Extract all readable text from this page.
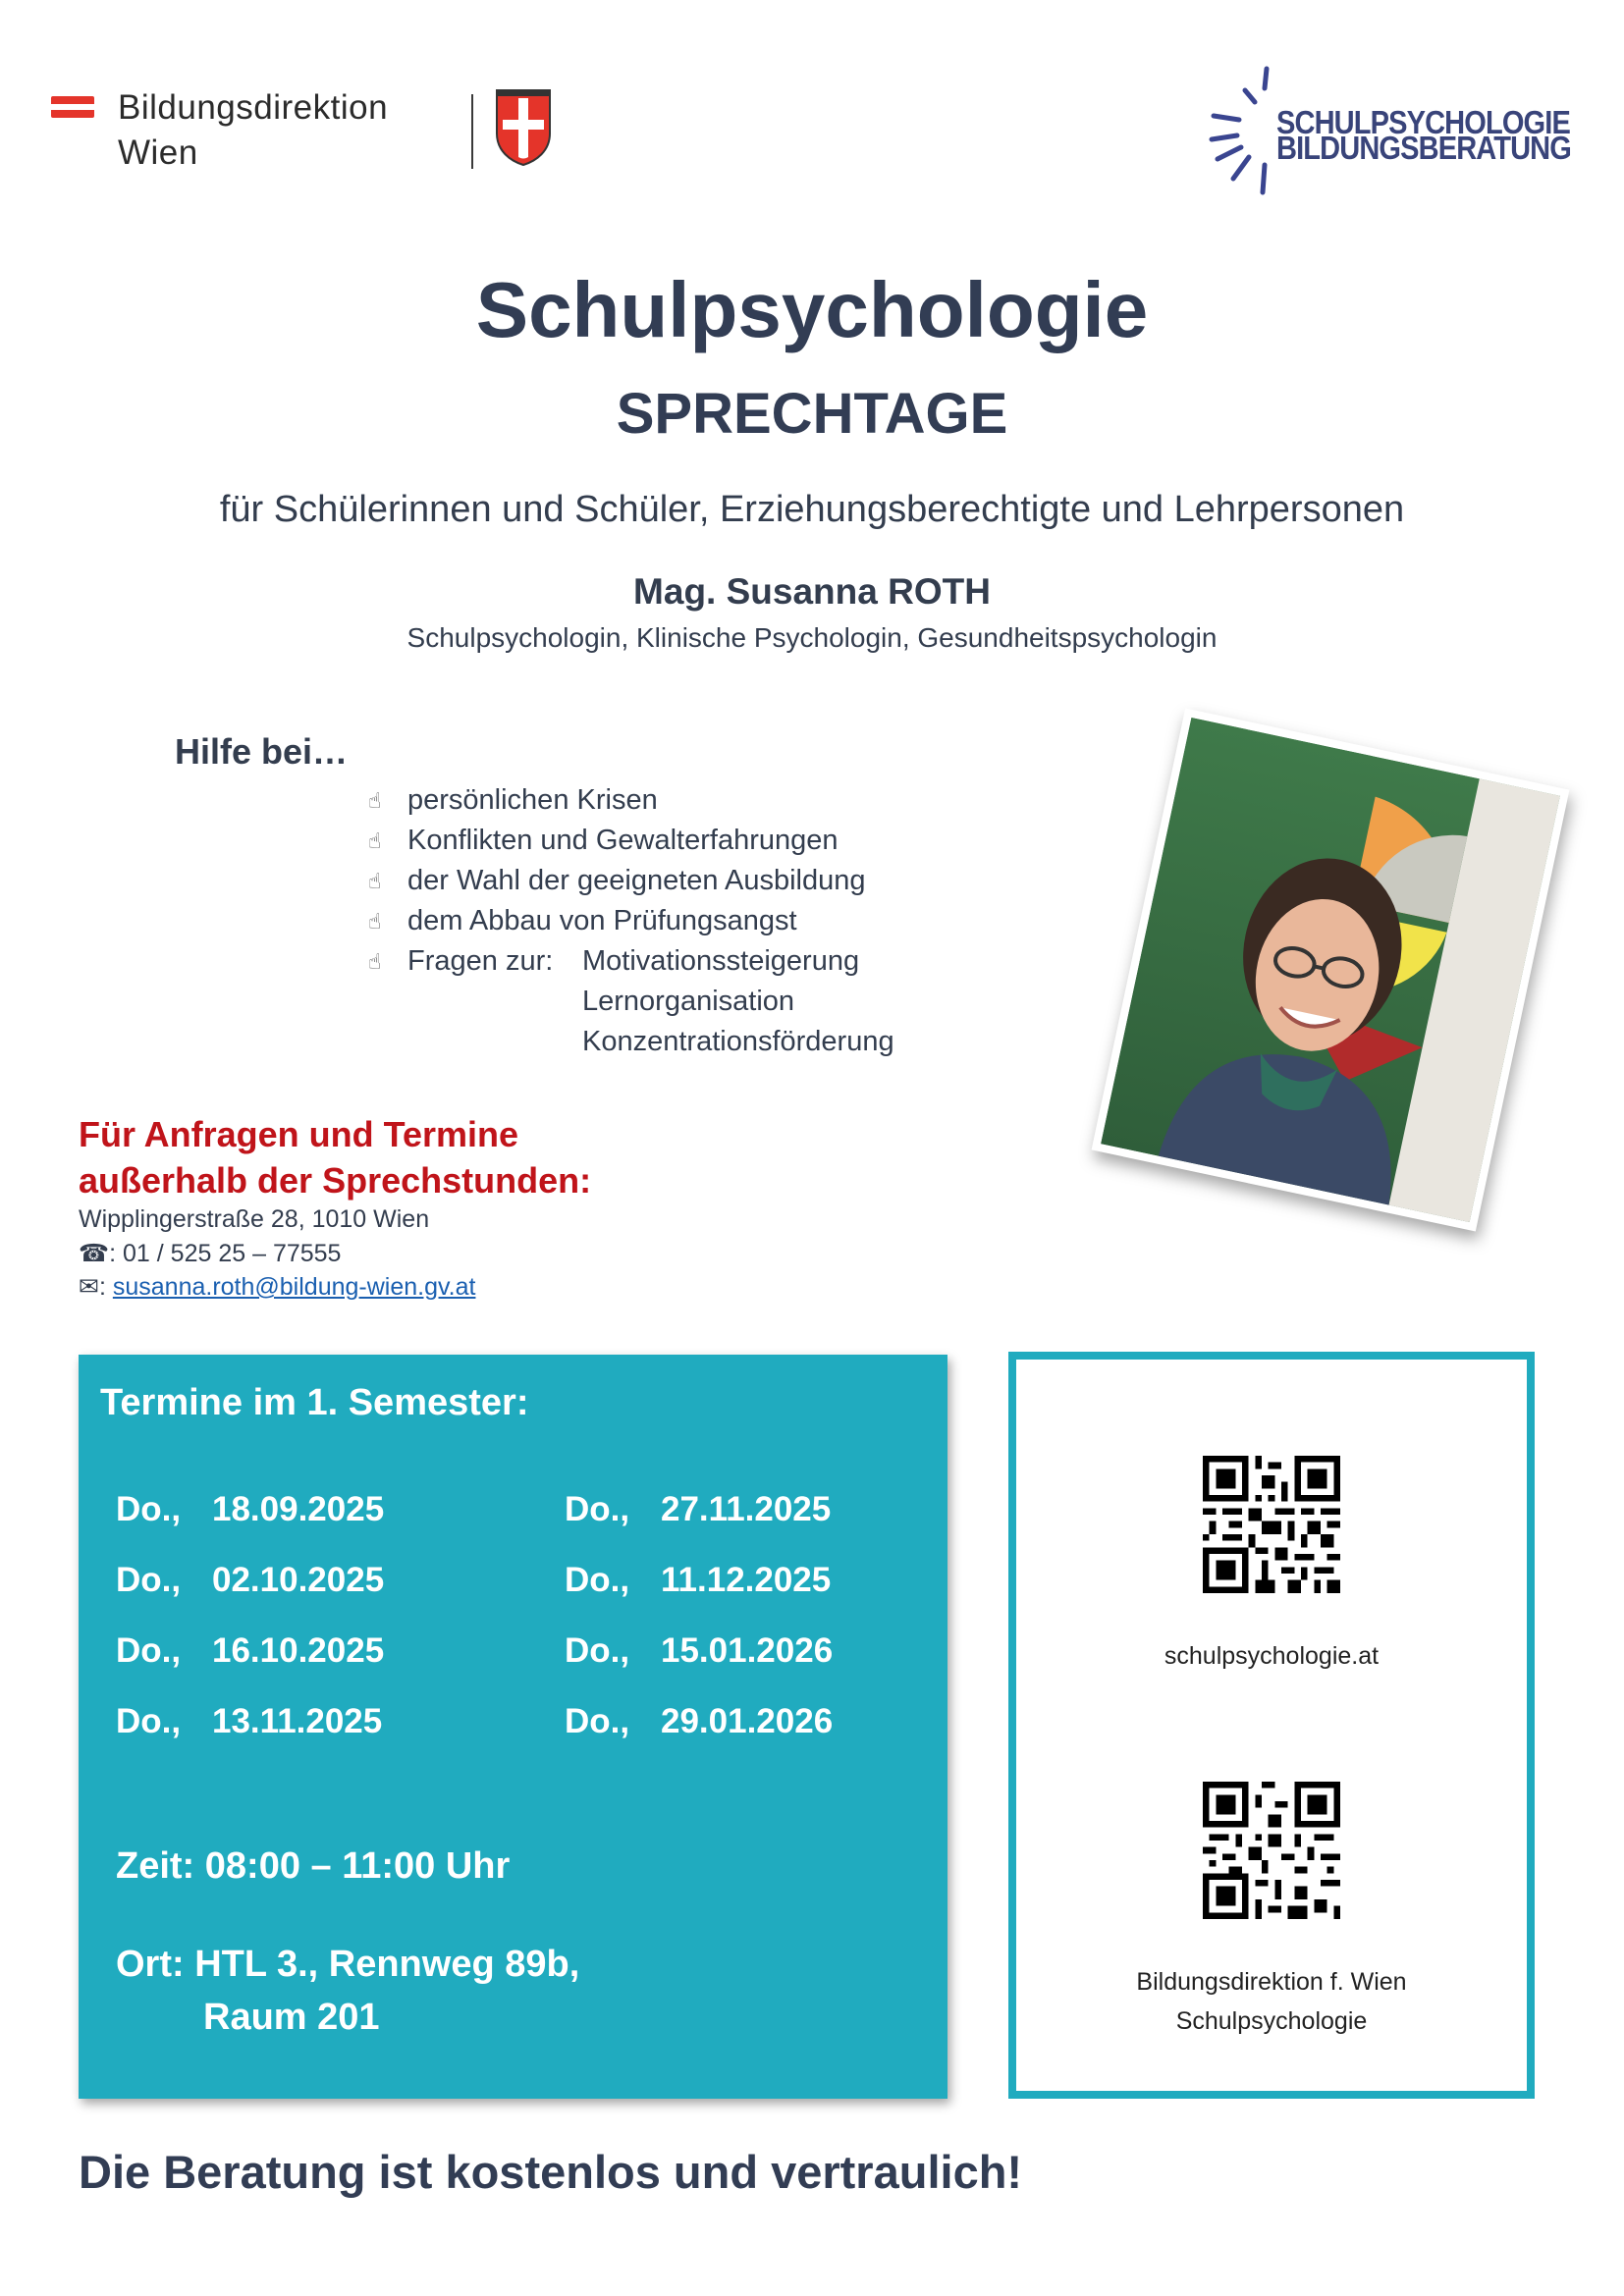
Bildungsdirektion
Wien
SCHULPSYCHOLOGIE
BILDUNGSBERATUNG
Schulpsychologie
SPRECHTAGE
für Schülerinnen und Schüler, Erziehungsberechtigte und Lehrpersonen
Mag. Susanna ROTH
Schulpsychologin, Klinische Psychologin, Gesundheitspsychologin
Hilfe bei…
☝ persönlichen Krisen
☝ Konflikten und Gewalterfahrungen
☝ der Wahl der geeigneten Ausbildung
☝ dem Abbau von Prüfungsangst
☝ Fragen zur: Motivationssteigerung
Lernorganisation
Konzentrationsförderung
Für Anfragen und Termine
außerhalb der Sprechstunden:
Wipplingerstraße 28, 1010 Wien
☎: 01 / 525 25 – 77555
✉: susanna.roth@bildung-wien.gv.at
Termine im 1. Semester:
Do., 18.09.2025
Do., 02.10.2025
Do., 16.10.2025
Do., 13.11.2025
Do., 27.11.2025
Do., 11.12.2025
Do., 15.01.2026
Do., 29.01.2026
Zeit: 08:00 – 11:00 Uhr
Ort: HTL 3., Rennweg 89b,
Raum 201
schulpsychologie.at
Bildungsdirektion f. Wien
Schulpsychologie
Die Beratung ist kostenlos und vertraulich!
